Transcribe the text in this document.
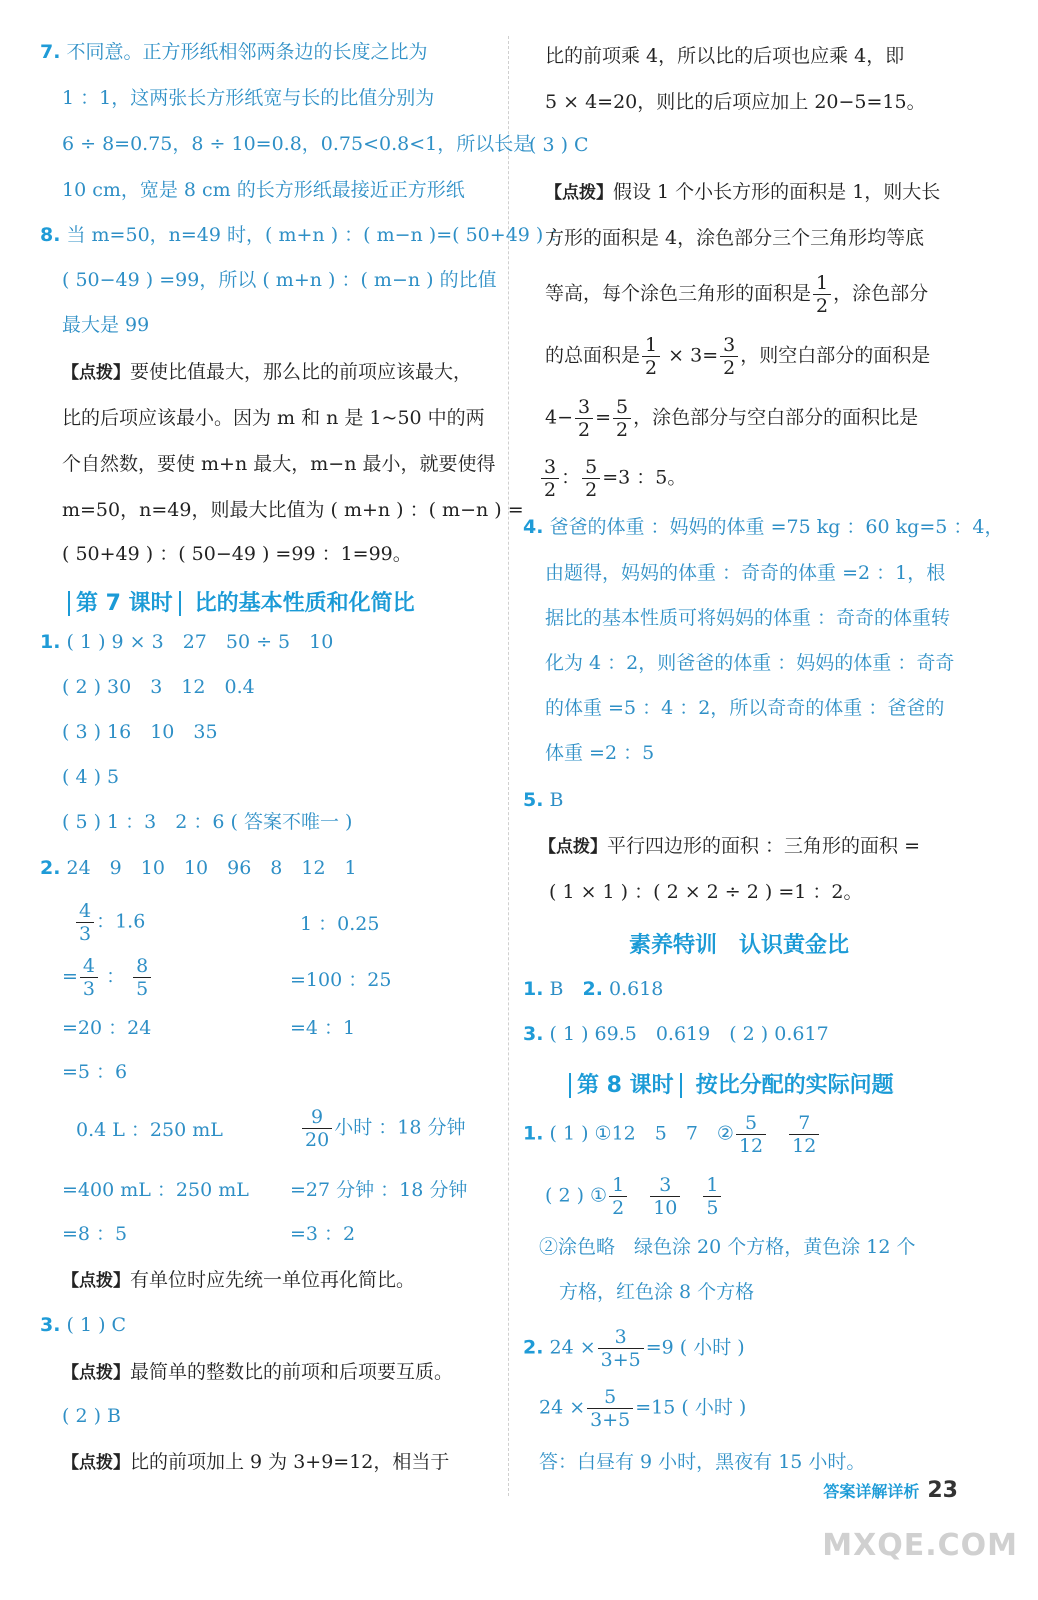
7. 不同意。正方形纸相邻两条边的长度之比为
1 ：1，这两张长方形纸宽与长的比值分别为
6 ÷ 8=0.75，8 ÷ 10=0.8，0.75<0.8<1，所以长是
10 cm，宽是 8 cm 的长方形纸最接近正方形纸
8. 当 m=50，n=49 时，( m+n ) ：( m−n )=( 50+49 ) ：
( 50−49 ) =99，所以 ( m+n ) ：( m−n ) 的比值
最大是 99
【点拨】要使比值最大，那么比的前项应该最大，
比的后项应该最小。因为 m 和 n 是 1~50 中的两
个自然数，要使 m+n 最大，m−n 最小，就要使得
m=50，n=49，则最大比值为 ( m+n ) ：( m−n ) =
( 50+49 ) ：( 50−49 ) =99 ：1=99。
第 7 课时 比的基本性质和化简比
1. ( 1 ) 9 × 3　27　50 ÷ 5　10
( 2 ) 30　3　12　0.4
( 3 ) 16　10　35
( 4 ) 5
( 5 ) 1 ：3　2 ：6 ( 答案不唯一 )
2. 24　9　10　10　96　8　12　1
$\frac{4}{3}$ ：1.6	1 ：0.25
= $\frac{4}{3}$ ： $\frac{8}{5}$	=100 ：25
=20 ：24	=4 ：1
=5 ：6
0.4 L ：250 mL	$\frac{9}{20}$ 小时 ：18 分钟
=400 mL ：250 mL =27 分钟 ：18 分钟
=8 ：5	=3 ：2
【点拨】有单位时应先统一单位再化简比。
3. ( 1 ) C
【点拨】最简单的整数比的前项和后项要互质。
( 2 ) B
【点拨】比的前项加上 9 为 3+9=12，相当于
比的前项乘 4，所以比的后项也应乘 4，即
5 × 4=20，则比的后项应加上 20−5=15。
( 3 ) C
【点拨】假设 1 个小长方形的面积是 1，则大长
方形的面积是 4，涂色部分三个三角形均等底
等高，每个涂色三角形的面积是 $\frac{1}{2}$ ，涂色部分
的总面积是 $\frac{1}{2} \times 3= \frac{3}{2}$ ，则空白部分的面积是
$4- \frac{3}{2} = \frac{5}{2}$ ，涂色部分与空白部分的面积比是
$\frac{3}{2}$ ： $\frac{5}{2} =3$ ：5。
4. 爸爸的体重 ：妈妈的体重 =75 kg ：60 kg=5 ：4，
由题得，妈妈的体重 ：奇奇的体重 =2 ：1，根
据比的基本性质可将妈妈的体重 ：奇奇的体重转
化为 4 ：2，则爸爸的体重 ：妈妈的体重 ：奇奇
的体重 =5 ：4 ：2，所以奇奇的体重 ：爸爸的
体重 =2 ：5
5. B
【点拨】平行四边形的面积 ：三角形的面积 =
( 1 × 1 ) ：( 2 × 2 ÷ 2 ) =1 ：2。
素养特训　认识黄金比
1. B　 2. 0.618
3. ( 1 ) 69.5　0.619　( 2 ) 0.617
第 8 课时 按比分配的实际问题
1. ( 1 ) ①12　5　7　② $\frac{5}{12}$
　 $\frac{7}{12}$
( 2 ) ① $\frac{1}{2}$
　 $\frac{3}{10}$
　 $\frac{1}{5}$
②涂色略　绿色涂 20 个方格，黄色涂 12 个
方格，红色涂 8 个方格
2. $24 \times \frac{3}{3+5} =9$ ( 小时 )
$24 \times \frac{5}{3+5} =15$ ( 小时 )
答：白昼有 9 小时，黑夜有 15 小时。
答案详解详析 23
MXQE.COM
